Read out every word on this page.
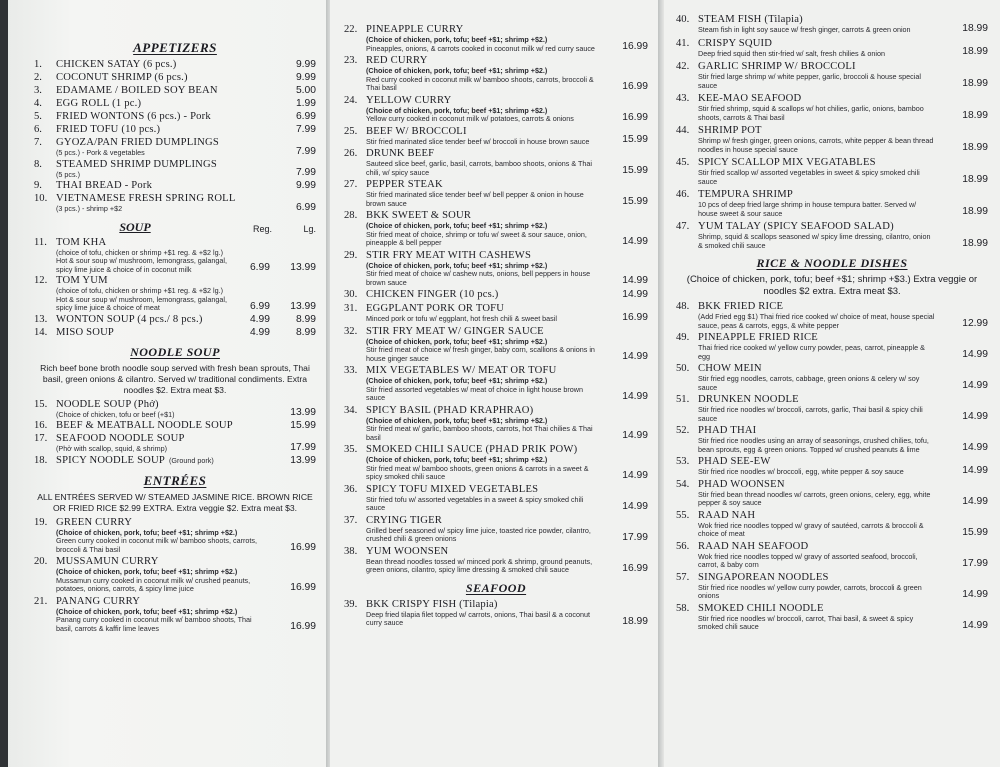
APPETIZERS
1.	CHICKEN SATAY (6 pcs.)	9.99
2.	COCONUT SHRIMP (6 pcs.)	9.99
3.	EDAMAME / BOILED SOY BEAN	5.00
4.	EGG ROLL (1 pc.)	1.99
5.	FRIED WONTONS (6 pcs.) - Pork	6.99
6.	FRIED TOFU (10 pcs.)	7.99
7.	GYOZA/PAN FRIED DUMPLINGS
(5 pcs.) - Pork & vegetables	7.99
8.	STEAMED SHRIMP DUMPLINGS
(5 pcs.)	7.99
9.	THAI BREAD - Pork	9.99
10. VIETNAMESE FRESH SPRING ROLL
(3 pcs.) - shrimp +$2	6.99
SOUP	Reg.	Lg.
11. TOM KHA
(choice of tofu, chicken or shrimp +$1 reg. & +$2 lg.) Hot & sour soup w/ mushroom, lemongrass, galangal, spicy lime juice & choice of in coconut milk	6.99	13.99
12. TOM YUM
(choice of tofu, chicken or shrimp +$1 reg. & +$2 lg.) Hot & sour soup w/ mushroom, lemongrass, galangal, spicy lime juice & choice of meat	6.99	13.99
13. WONTON SOUP (4 pcs./ 8 pcs.)	4.99	8.99
14. MISO SOUP	4.99	8.99
NOODLE SOUP
Rich beef bone broth noodle soup served with fresh bean sprouts, Thai basil, green onions & cilantro. Served w/ traditional condiments. Extra noodles $2. Extra meat $3.
15. NOODLE SOUP (Phở)
(Choice of chicken, tofu or beef (+$1)	13.99
16. BEEF & MEATBALL NOODLE SOUP	15.99
17. SEAFOOD NOODLE SOUP
(Phở with scallop, squid, & shrimp)	17.99
18. SPICY NOODLE SOUP (Ground pork)	13.99
ENTRÉES
ALL ENTRÉES SERVED W/ STEAMED JASMINE RICE. BROWN RICE OR FRIED RICE $2.99 EXTRA. Extra veggie $2. Extra meat $3.
19. GREEN CURRY
(Choice of chicken, pork, tofu; beef +$1; shrimp +$2.)
Green curry cooked in coconut milk w/ bamboo shoots, carrots, broccoli & Thai basil	16.99
20. MUSSAMUN CURRY
(Choice of chicken, pork, tofu; beef +$1; shrimp +$2.)
Mussamun curry cooked in coconut milk w/ crushed peanuts, potatoes, onions, carrots, & spicy lime juice	16.99
21. PANANG CURRY
(Choice of chicken, pork, tofu; beef +$1; shrimp +$2.)
Panang curry cooked in coconut milk w/ bamboo shoots, Thai basil, carrots & kaffir lime leaves	16.99
22. PINEAPPLE CURRY
(Choice of chicken, pork, tofu; beef +$1; shrimp +$2.)
Pineapples, onions, & carrots cooked in coconut milk w/ red curry sauce	16.99
23. RED CURRY
(Choice of chicken, pork, tofu; beef +$1; shrimp +$2.)
Red curry cooked in coconut milk w/ bamboo shoots, carrots, broccoli & Thai basil	16.99
24. YELLOW CURRY
(Choice of chicken, pork, tofu; beef +$1; shrimp +$2.)
Yellow curry cooked in coconut milk w/ potatoes, carrots & onions	16.99
25. BEEF W/ BROCCOLI
Stir fried marinated slice tender beef w/ broccoli in house brown sauce	15.99
26. DRUNK BEEF
Sauteed slice beef, garlic, basil, carrots, bamboo shoots, onions & Thai chili, w/ spicy sauce	15.99
27. PEPPER STEAK
Stir fried marinated slice tender beef w/ bell pepper & onion in house brown sauce	15.99
28. BKK SWEET & SOUR
(Choice of chicken, pork, tofu; beef +$1; shrimp +$2.)
Stir fried meat of choice, shrimp or tofu w/ sweet & sour sauce, onion, pineapple & bell pepper	14.99
29. STIR FRY MEAT WITH CASHEWS
(Choice of chicken, pork, tofu; beef +$1; shrimp +$2.)
Stir fried meat of choice w/ cashew nuts, onions, bell peppers in house brown sauce	14.99
30. CHICKEN FINGER (10 pcs.)	14.99
31. EGGPLANT PORK OR TOFU
Minced pork or tofu w/ eggplant, hot fresh chili & sweet basil	16.99
32. STIR FRY MEAT W/ GINGER SAUCE
(Choice of chicken, pork, tofu; beef +$1; shrimp +$2.)
Stir fried meat of choice w/ fresh ginger, baby corn, scallions & onions in house ginger sauce	14.99
33. MIX VEGETABLES W/ MEAT OR TOFU
(Choice of chicken, pork, tofu; beef +$1; shrimp +$2.)
Stir fried assorted vegetables w/ meat of choice in light house brown sauce	14.99
34. SPICY BASIL (PHAD KRAPHRAO)
(Choice of chicken, pork, tofu; beef +$1; shrimp +$2.)
Stir fried meat w/ garlic, bamboo shoots, carrots, hot Thai chilies & Thai basil	14.99
35. SMOKED CHILI SAUCE (PHAD PRIK POW)
(Choice of chicken, pork, tofu; beef +$1; shrimp +$2.)
Stir fried meat w/ bamboo shoots, green onions & carrots in a sweet & spicy smoked chili sauce	14.99
36. SPICY TOFU MIXED VEGETABLES
Stir fried tofu w/ assorted vegetables in a sweet & spicy smoked chili sauce	14.99
37. CRYING TIGER
Grilled beef seasoned w/ spicy lime juice, toasted rice powder, cilantro, crushed chili & green onions	17.99
38. YUM WOONSEN
Bean thread noodles tossed w/ minced pork & shrimp, ground peanuts, green onions, cilantro, spicy lime dressing & smoked chili sauce	16.99
SEAFOOD
39. BKK CRISPY FISH (Tilapia)
Deep fried tilapia filet topped w/ carrots, onions, Thai basil & a coconut curry sauce	18.99
40. STEAM FISH (Tilapia)
Steam fish in light soy sauce w/ fresh ginger, carrots & green onion	18.99
41. CRISPY SQUID
Deep fried squid then stir-fried w/ salt, fresh chilies & onion	18.99
42. GARLIC SHRIMP W/ BROCCOLI
Stir fried large shrimp w/ white pepper, garlic, broccoli & house special sauce	18.99
43. KEE-MAO SEAFOOD
Stir fried shrimp, squid & scallops w/ hot chilies, garlic, onions, bamboo shoots, carrots & Thai basil	18.99
44. SHRIMP POT
Shrimp w/ fresh ginger, green onions, carrots, white pepper & bean thread noodles in house special sauce	18.99
45. SPICY SCALLOP MIX VEGATABLES
Stir fried scallop w/ assorted vegetables in sweet & spicy smoked chili sauce	18.99
46. TEMPURA SHRIMP
10 pcs of deep fried large shrimp in house tempura batter. Served w/ house sweet & sour sauce	18.99
47. YUM TALAY (SPICY SEAFOOD SALAD)
Shrimp, squid & scallops seasoned w/ spicy lime dressing, cilantro, onion & smoked chili sauce	18.99
RICE & NOODLE DISHES
(Choice of chicken, pork, tofu; beef +$1; shrimp +$3.) Extra veggie or noodles $2 extra. Extra meat $3.
48. BKK FRIED RICE
(Add Fried egg $1) Thai fried rice cooked w/ choice of meat, house special sauce, peas & carrots, eggs, & white pepper	12.99
49. PINEAPPLE FRIED RICE
Thai fried rice cooked w/ yellow curry powder, peas, carrot, pineapple & egg	14.99
50. CHOW MEIN
Stir fried egg noodles, carrots, cabbage, green onions & celery w/ soy sauce	14.99
51. DRUNKEN NOODLE
Stir fried rice noodles w/ broccoli, carrots, garlic, Thai basil & spicy chili sauce	14.99
52. PHAD THAI
Stir fried rice noodles using an array of seasonings, crushed chilies, tofu, bean sprouts, egg & green onions. Topped w/ crushed peanuts & lime	14.99
53. PHAD SEE-EW
Stir fried rice noodles w/ broccoli, egg, white pepper & soy sauce	14.99
54. PHAD WOONSEN
Stir fried bean thread noodles w/ carrots, green onions, celery, egg, white pepper & soy sauce	14.99
55. RAAD NAH
Wok fried rice noodles topped w/ gravy of sautéed, carrots & broccoli & choice of meat	15.99
56. RAAD NAH SEAFOOD
Wok fried rice noodles topped w/ gravy of assorted seafood, broccoli, carrot, & baby corn	17.99
57. SINGAPOREAN NOODLES
Stir fried rice noodles w/ yellow curry powder, carrots, broccoli & green onions	14.99
58. SMOKED CHILI NOODLE
Stir fried rice noodles w/ broccoli, carrot, Thai basil, & sweet & spicy smoked chili sauce	14.99
